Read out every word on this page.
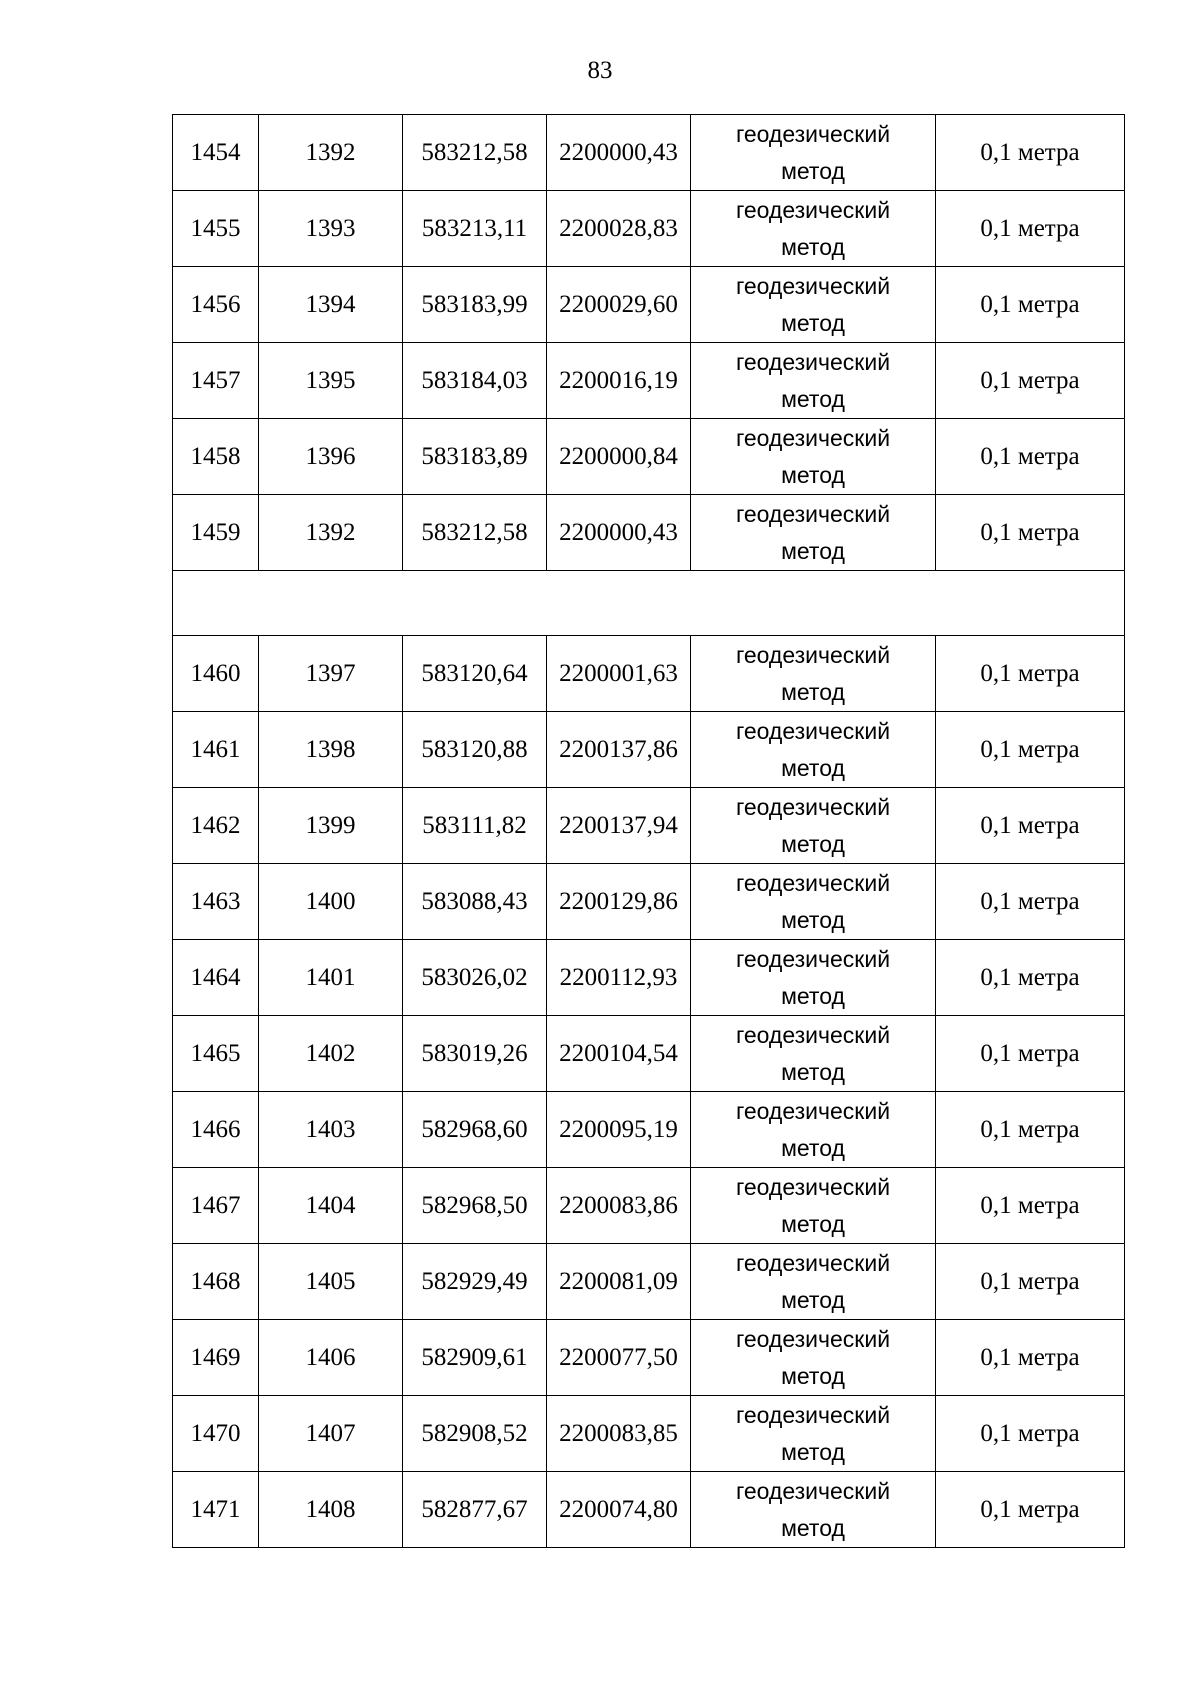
83
1454	1392	583212,58	2200000,43	геодезический
метод	0,1 метра
1455	1393	583213,11	2200028,83	геодезический
метод	0,1 метра
1456	1394	583183,99	2200029,60	геодезический
метод	0,1 метра
1457	1395	583184,03	2200016,19	геодезический
метод	0,1 метра
1458	1396	583183,89	2200000,84	геодезический
метод	0,1 метра
1459	1392	583212,58	2200000,43	геодезический
метод	0,1 метра

1460	1397	583120,64	2200001,63	геодезический
метод	0,1 метра
1461	1398	583120,88	2200137,86	геодезический
метод	0,1 метра
1462	1399	583111,82	2200137,94	геодезический
метод	0,1 метра
1463	1400	583088,43	2200129,86	геодезический
метод	0,1 метра
1464	1401	583026,02	2200112,93	геодезический
метод	0,1 метра
1465	1402	583019,26	2200104,54	геодезический
метод	0,1 метра
1466	1403	582968,60	2200095,19	геодезический
метод	0,1 метра
1467	1404	582968,50	2200083,86	геодезический
метод	0,1 метра
1468	1405	582929,49	2200081,09	геодезический
метод	0,1 метра
1469	1406	582909,61	2200077,50	геодезический
метод	0,1 метра
1470	1407	582908,52	2200083,85	геодезический
метод	0,1 метра
1471	1408	582877,67	2200074,80	геодезический
метод	0,1 метра
